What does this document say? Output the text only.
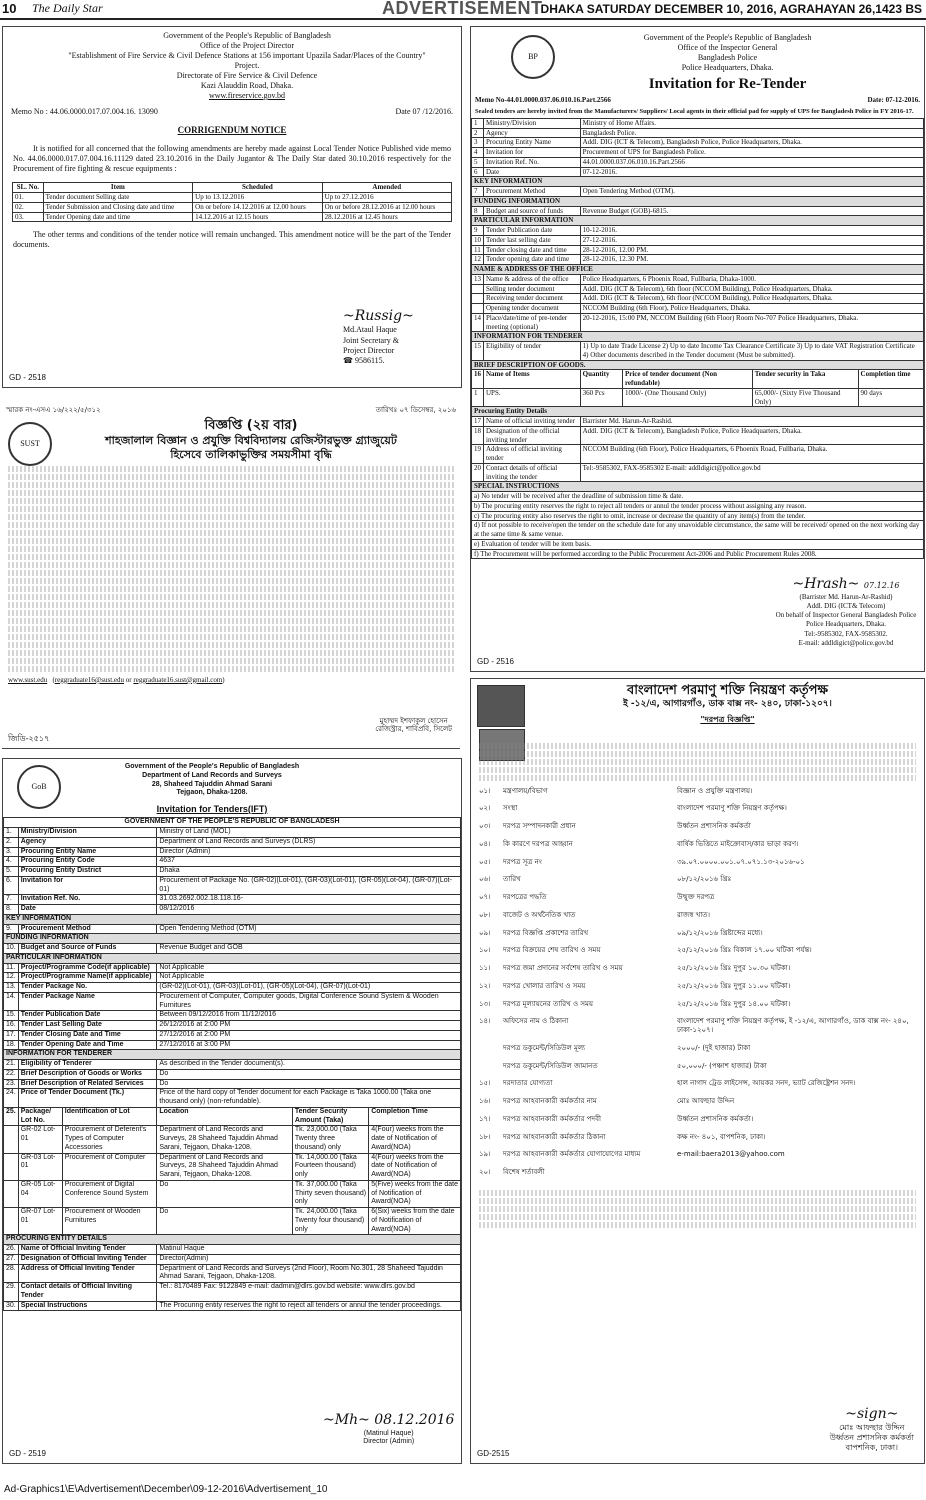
10 The Daily Star	ADVERTISEMENT
DHAKA SATURDAY DECEMBER 10, 2016, AGRAHAYAN 26,1423 BS
Government of the People's Republic of Bangladesh
Office of the Project Director
"Establishment of Fire Service & Civil Defence Stations at 156 important Upazila Sadar/Places of the Country" Project.
Directorate of Fire Service & Civil Defence
Kazi Alauddin Road, Dhaka.
www.fireservice.gov.bd
Memo No : 44.06.0000.017.07.004.16. 13090	Date 07 /12/2016.
CORRIGENDUM NOTICE
It is notified for all concerned that the following amendments are hereby made against Local Tender Notice Published vide memo No. 44.06.0000.017.07.004.16.11129 dated 23.10.2016 in the Daily Jugantor & The Daily Star dated 30.10.2016 respectively for the Procurement of fire fighting & rescue equipments :
SL. No.	Item	Scheduled	Amended
01.	Tender document Selling date	Up to 13.12.2016	Up to 27.12.2016
02.	Tender Submission and Closing date and time	On or before 14.12.2016 at 12.00 hours	On or before 28.12.2016 at 12.00 hours
03.	Tender Opening date and time	14.12.2016 at 12.15 hours	28.12.2016 at 12.45 hours
The other terms and conditions of the tender notice will remain unchanged. This amendment notice will be the part of the Tender documents.
~Russig~
Md.Ataul Haque
Joint Secretary &
Project Director
☎ 9586115.
GD - 2518
BP
Government of the People's Republic of Bangladesh
Office of the Inspector General
Bangladesh Police
Police Headquarters, Dhaka.
Invitation for Re-Tender
Memo No-44.01.0000.037.06.010.16.Part.2566	Date: 07-12-2016.
Sealed tenders are hereby invited from the Manufacturers/ Suppliers/ Local agents in their official pad for supply of UPS for Bangladesh Police in FY 2016-17.
1	Ministry/Division	Ministry of Home Affairs.			
2	Agency	Bangladesh Police.			
3	Procuring Entity Name	Addl. DIG (ICT & Telecom), Bangladesh Police, Police Headquarters, Dhaka.			
4	Invitation for	Procurement of UPS for Bangladesh Police.			
5	Invitation Ref. No.	44.01.0000.037.06.010.16.Part.2566			
6	Date	07-12-2016.			
KEY INFORMATION					
7	Procurement Method	Open Tendering Method (OTM).			
FUNDING INFORMATION					
8	Budget and source of funds	Revenue Budget (GOB)-6815.			
PARTICULAR INFORMATION					
9	Tender Publication date	10-12-2016.			
10	Tender last selling date	27-12-2016.			
11	Tender closing date and time	28-12-2016, 12.00 PM.			
12	Tender opening date and time	28-12-2016, 12.30 PM.			
NAME & ADDRESS OF THE OFFICE					
13	Name & address of the office	Police Headquarters, 6 Phoenix Road, Fullbaria, Dhaka-1000.			
	Selling tender document	Addl. DIG (ICT & Telecom), 6th floor (NCCOM Building), Police Headquarters, Dhaka.			
	Receiving tender document	Addl. DIG (ICT & Telecom), 6th floor (NCCOM Building), Police Headquarters, Dhaka.			
	Opening tender document	NCCOM Building (6th Floor), Police Headquarters, Dhaka.			
14	Place/date/time of pre-tender meeting (optional)	20-12-2016, 15:00 PM, NCCOM Building (6th Floor) Room No-707 Police Headquarters, Dhaka.			
INFORMATION FOR TENDERER					
15	Eligibility of tender	1) Up to date Trade License 2) Up to date Income Tax Clearance Certificate 3) Up to date VAT Registration Certificate 4) Other documents described in the Tender document (Must be submitted).			
BRIEF DESCRIPTION OF GOODS.					
16	Name of Items	Quantity	Price of tender document (Non refundable)	Tender security in Taka	Completion time
1	UPS.	360 Pcs	1000/- (One Thousand Only)	65,000/- (Sixty Five Thousand Only)	90 days
Procuring Entity Details					
17	Name of official inviting tender	Barrister Md. Harun-Ar-Rashid.			
18	Designation of the official inviting tender	Addl. DIG (ICT & Telecom), Bangladesh Police, Police Headquarters, Dhaka.			
19	Address of official inviting tender	NCCOM Building (6th Floor), Police Headquarters, 6 Phoenix Road, Fullbaria, Dhaka.			
20	Contact details of official inviting the tender	Tel:-9585302, FAX-9585302 E-mail: addldigict@police.gov.bd			
SPECIAL INSTRUCTIONS					
a) No tender will be received after the deadline of submission time & date.					
b) The procuring entity reserves the right to reject all tenders or annul the tender process without assigning any reason.					
c) The procuring entity also reserves the right to omit, increase or decrease the quantity of any item(s) from the tender.					
d) If not possible to receive/open the tender on the schedule date for any unavoidable circumstance, the same will be received/ opened on the next working day at the same time & same venue.					
e) Evaluation of tender will be item basis.					
f) The Procurement will be performed according to the Public Procurement Act-2006 and Public Procurement Rules 2008.					
~Hrash~ 07.12.16
(Barrister Md. Harun-Ar-Rashid)
Addl. DIG (ICT& Telecom)
On behalf of Inspector General Bangladesh Police
Police Headquarters, Dhaka.
Tel:-9585302, FAX-9585302.
E-mail: addldigict@police.gov.bd
GD - 2516
স্মারক নং-এসএ ১৬/২২২/৫/৩১২	তারিখঃ ০৭ ডিসেম্বর, ২০১৬
SUST
বিজ্ঞপ্তি (২য় বার)
শাহজালাল বিজ্ঞান ও প্রযুক্তি বিশ্ববিদ্যালয় রেজিস্টারভুক্ত গ্র্যাজুয়েট
হিসেবে তালিকাভুক্তির সময়সীমা বৃদ্ধি
www.sust.edu   (reggraduate16@sust.edu or reggraduate16.sust@gmail.com)
মুহাম্মদ ইশফাকুল হোসেন
রেজিস্ট্রার, শাবিপ্রবি, সিলেট
জিডি-২৫১৭
বাংলাদেশ পরমাণু শক্তি নিয়ন্ত্রণ কর্তৃপক্ষ
ই -১২/এ, আগারগাঁও, ডাক বাক্স নং- ২৪০, ঢাকা-১২০৭।
"দরপত্র বিজ্ঞপ্তি"
০১।	মন্ত্রণালয়/বিভাগ	বিজ্ঞান ও প্রযুক্তি মন্ত্রণালয়।

০২।	সংস্থা	বাংলাদেশ পরমাণু শক্তি নিয়ন্ত্রণ কর্তৃপক্ষ।

০৩।	দরপত্র সম্পাদনকারী প্রধান	উর্ধ্বতন প্রশাসনিক কর্মকর্তা

০৪।	কি কারণে দরপত্র আহ্বান	বার্ষিক ভিত্তিতে মাইক্রোবাস/কার ভাড়া করণ।

০৫।	দরপত্র সূত্র নং	৩৯.০৭.০০০০.০০১.০৭.০৭১.১৩-২০১৬-০১

০৬।	তারিখ	০৮/১২/২০১৬ খ্রিঃ

০৭।	দরপত্রের পদ্ধতি	উন্মুক্ত দরপত্র

০৮।	বাজেট ও অর্থনৈতিক খাত	রাজস্ব খাত।

০৯।	দরপত্র বিজ্ঞপ্তি প্রকাশের তারিখ	০৯/১২/২০১৬ খ্রিষ্টাব্দের মধ্যে।

১০।	দরপত্র বিক্রয়ের শেষ তারিখ ও সময়	২৫/১২/২০১৬ খ্রিঃ বিকাল ১৭.০০ ঘটিকা পর্যন্ত।

১১।	দরপত্র জমা প্রদানের সর্বশেষ তারিখ ও সময়	২৫/১২/২০১৬ খ্রিঃ দুপুর ১০.৩০ ঘটিকা।

১২।	দরপত্র খোলার তারিখ ও সময়	২৫/১২/২০১৬ খ্রিঃ দুপুর ১১.০০ ঘটিকা।

১৩।	দরপত্র মূল্যায়নের তারিখ ও সময়	২৫/১২/২০১৬ খ্রিঃ দুপুর ১৪.০০ ঘটিকা।

১৪।	অফিসের নাম ও ঠিকানা	বাংলাদেশ পরমাণু শক্তি নিয়ন্ত্রণ কর্তৃপক্ষ, ই -১২/এ, আগারগাঁও, ডাক বাক্স নং- ২৪০, ঢাকা-১২০৭।

	দরপত্র ডকুমেন্ট/সিডিউল মূল্য	২০০০/- (দুই হাজার) টাকা

	দরপত্র ডকুমেন্ট/সিডিউল জামানত	৫০,০০০/- (পঞ্চাশ হাজার) টাকা

১৫।	দরদাতার যোগ্যতা	হাল নাগাদ ট্রেড লাইসেন্স, আয়কর সনদ, ভ্যাট রেজিষ্ট্রেশন সনদ।

১৬।	দরপত্র আহবানকারী কর্মকর্তার নাম	মোঃ আফছার উদ্দিন

১৭।	দরপত্র আহবানকারী কর্মকর্তার পদবী	উর্ধ্বতন প্রশাসনিক কর্মকর্তা।

১৮।	দরপত্র আহবানকারী কর্মকর্তার ঠিকানা	কক্ষ নং- ৪০১, বাপশনিক, ঢাকা।

১৯।	দরপত্র আহবানকারী কর্মকর্তার যোগাযোগের মাধ্যম	e-mail:baera2013@yahoo.com

২০।	বিশেষ শর্তাবলী	

~sign~
মোঃ আফছার উদ্দিন
উর্ধ্বতন প্রশাসনিক কর্মকর্তা
বাপশনিক, ঢাকা।
GD-2515
GoB
Government of the People's Republic of Bangladesh
Department of Land Records and Surveys
28, Shaheed Tajuddin Ahmad Sarani
Tejgaon, Dhaka-1208.
Invitation for Tenders(IFT)
GOVERNMENT OF THE PEOPLE'S REPUBLIC OF BANGLADESH					
1.	Ministry/Division		Ministry of Land (MOL)		
2.	Agency		Department of Land Records and Surveys (DLRS)		
3.	Procuring Entity Name		Director (Admin)		
4.	Procuring Entity Code		4637		
5.	Procuring Entity District		Dhaka		
6.	Invitation for		Procurement of Package No. (GR-02)(Lot-01), (GR-03)(Lot-01), (GR-05)(Lot-04), (GR-07)(Lot-01)		
7.	Invitation Ref. No.		31.03.2692.002.18.118.16-		
8.	Date		08/12/2016		
KEY INFORMATION					
9.	Procurement Method		Open Tendering Method (OTM)		
FUNDING INFORMATION					
10.	Budget and Source of Funds		Revenue Budget and GOB		
PARTICULAR INFORMATION					
11.	Project/Programme Code(if applicable)		Not Applicable		
12.	Project/Programme Name(if applicable)		Not Applicable		
13.	Tender Package No.		(GR-02)(Lot-01), (GR-03)(Lot-01), (GR-05)(Lot-04), (GR-07)(Lot-01)		
14.	Tender Package Name		Procurement of Computer, Computer goods, Digital Conference Sound System & Wooden Furnitures		
15.	Tender Publication Date		Between 09/12/2016 from 11/12/2016		
16.	Tender Last Selling Date		26/12/2016 at 2:00 PM		
17.	Tender Closing Date and Time		27/12/2016 at 2:00 PM		
18.	Tender Opening Date and Time		27/12/2016 at 3:00 PM		
INFORMATION FOR TENDERER					
21.	Eligibility of Tenderer		As described in the Tender document(s).		
22.	Brief Description of Goods or Works		Do		
23.	Brief Description of Related Services		Do		
24.	Price of Tender Document (Tk.)		Price of the hard copy of Tender document for each Package is Taka 1000.00 (Taka one thousand only) (non-refundable).		
25.	Package/ Lot No.	Identification of Lot	Location	Tender Security Amount (Taka)	Completion Time
	GR-02 Lot-01	Procurement of Deferent's Types of Computer Accessories	Department of Land Records and Surveys, 28 Shaheed Tajuddin Ahmad Sarani, Tejgaon, Dhaka-1208.	Tk. 23,000.00 (Taka Twenty three thousand) only	4(Four) weeks from the date of Notification of Award(NOA)
	GR-03 Lot-01	Procurement of Computer	Department of Land Records and Surveys, 28 Shaheed Tajuddin Ahmad Sarani, Tejgaon, Dhaka-1208.	Tk. 14,000.00 (Taka Fourteen thousand) only	4(Four) weeks from the date of Notification of Award(NOA)
	GR-05 Lot-04	Procurement of Digital Conference Sound System	Do	Tk. 37,000.00 (Taka Thirty seven thousand) only	5(Five) weeks from the date of Notification of Award(NOA)
	GR-07 Lot-01	Procurement of Wooden Furnitures	Do	Tk. 24,000.00 (Taka Twenty four thousand) only	6(Six) weeks from the date of Notification of Award(NOA)
PROCURING ENTITY DETAILS					
26.	Name of Official Inviting Tender		Matinul Haque		
27.	Designation of Official Inviting Tender		Director(Admin)		
28.	Address of Official Inviting Tender		Department of Land Records and Surveys (2nd Floor), Room No.301, 28 Shaheed Tajuddin Ahmad Sarani, Tejgaon, Dhaka-1208.		
29.	Contact details of Official Inviting Tender		Tel.: 8170489 Fax: 9122849 e-mail: dadmin@dlrs.gov.bd website: www.dlrs.gov.bd		
30.	Special Instructions		The Procuring entity reserves the right to reject all tenders or annul the tender proceedings.		
~Mh~ 08.12.2016
(Matinul Haque)
Director (Admin)
GD - 2519
Ad-Graphics1\E\Advertisement\December\09-12-2016\Advertisement_10
